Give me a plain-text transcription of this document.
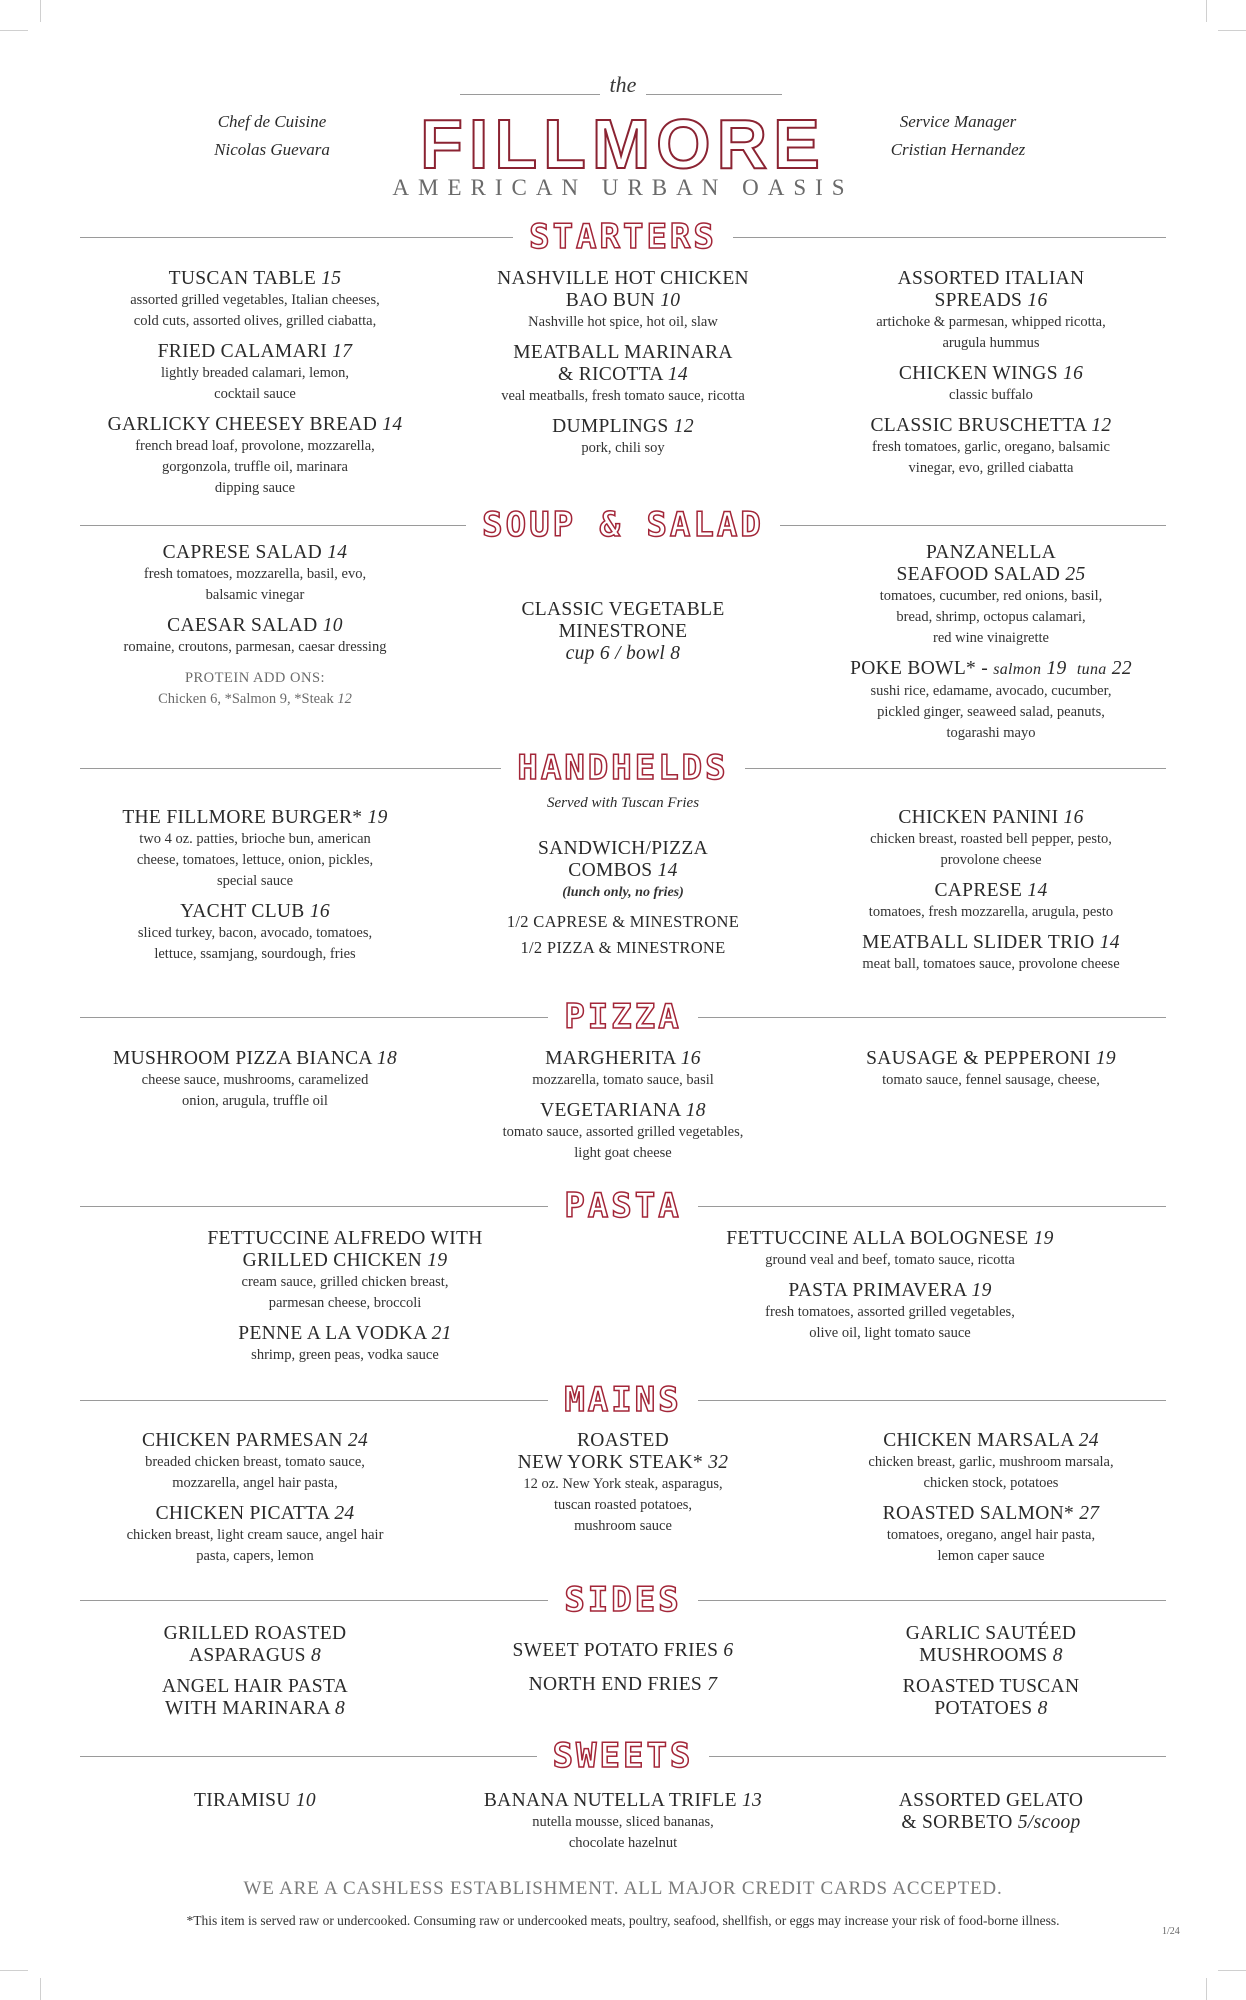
Chef de Cuisine
Nicolas Guevara
Service Manager
Cristian Hernandez
the
FILLMORE
AMERICAN URBAN OASIS
STARTERS
TUSCAN TABLE 15
assorted grilled vegetables, Italian cheeses,
cold cuts, assorted olives, grilled ciabatta,
FRIED CALAMARI 17
lightly breaded calamari, lemon,
cocktail sauce
GARLICKY CHEESEY BREAD 14
french bread loaf, provolone, mozzarella,
gorgonzola, truffle oil, marinara
dipping sauce
NASHVILLE HOT CHICKEN
BAO BUN 10
Nashville hot spice, hot oil, slaw
MEATBALL MARINARA
& RICOTTA 14
veal meatballs, fresh tomato sauce, ricotta
DUMPLINGS 12
pork, chili soy
ASSORTED ITALIAN
SPREADS 16
artichoke & parmesan, whipped ricotta,
arugula hummus
CHICKEN WINGS 16
classic buffalo
CLASSIC BRUSCHETTA 12
fresh tomatoes, garlic, oregano, balsamic
vinegar, evo, grilled ciabatta
SOUP & SALAD
CAPRESE SALAD 14
fresh tomatoes, mozzarella, basil, evo,
balsamic vinegar
CAESAR SALAD 10
romaine, croutons, parmesan, caesar dressing
PROTEIN ADD ONS:
Chicken 6, *Salmon 9, *Steak 12
CLASSIC VEGETABLE
MINESTRONE
cup 6 / bowl 8
PANZANELLA
SEAFOOD SALAD 25
tomatoes, cucumber, red onions, basil,
bread, shrimp, octopus calamari,
red wine vinaigrette
POKE BOWL* - salmon 19 tuna 22
sushi rice, edamame, avocado, cucumber,
pickled ginger, seaweed salad, peanuts,
togarashi mayo
HANDHELDS
Served with Tuscan Fries
THE FILLMORE BURGER* 19
two 4 oz. patties, brioche bun, american
cheese, tomatoes, lettuce, onion, pickles,
special sauce
YACHT CLUB 16
sliced turkey, bacon, avocado, tomatoes,
lettuce, ssamjang, sourdough, fries
SANDWICH/PIZZA
COMBOS 14
(lunch only, no fries)
1/2 CAPRESE & MINESTRONE
1/2 PIZZA & MINESTRONE
CHICKEN PANINI 16
chicken breast, roasted bell pepper, pesto,
provolone cheese
CAPRESE 14
tomatoes, fresh mozzarella, arugula, pesto
MEATBALL SLIDER TRIO 14
meat ball, tomatoes sauce, provolone cheese
PIZZA
MUSHROOM PIZZA BIANCA 18
cheese sauce, mushrooms, caramelized
onion, arugula, truffle oil
MARGHERITA 16
mozzarella, tomato sauce, basil
VEGETARIANA 18
tomato sauce, assorted grilled vegetables,
light goat cheese
SAUSAGE & PEPPERONI 19
tomato sauce, fennel sausage, cheese,
PASTA
FETTUCCINE ALFREDO WITH
GRILLED CHICKEN 19
cream sauce, grilled chicken breast,
parmesan cheese, broccoli
PENNE A LA VODKA 21
shrimp, green peas, vodka sauce
FETTUCCINE ALLA BOLOGNESE 19
ground veal and beef, tomato sauce, ricotta
PASTA PRIMAVERA 19
fresh tomatoes, assorted grilled vegetables,
olive oil, light tomato sauce
MAINS
CHICKEN PARMESAN 24
breaded chicken breast, tomato sauce,
mozzarella, angel hair pasta,
CHICKEN PICATTA 24
chicken breast, light cream sauce, angel hair
pasta, capers, lemon
ROASTED
NEW YORK STEAK* 32
12 oz. New York steak, asparagus,
tuscan roasted potatoes,
mushroom sauce
CHICKEN MARSALA 24
chicken breast, garlic, mushroom marsala,
chicken stock, potatoes
ROASTED SALMON* 27
tomatoes, oregano, angel hair pasta,
lemon caper sauce
SIDES
GRILLED ROASTED
ASPARAGUS 8
ANGEL HAIR PASTA
WITH MARINARA 8
SWEET POTATO FRIES 6
NORTH END FRIES 7
GARLIC SAUTÉED
MUSHROOMS 8
ROASTED TUSCAN
POTATOES 8
SWEETS
TIRAMISU 10	BANANA NUTELLA TRIFLE 13
nutella mousse, sliced bananas,
chocolate hazelnut
ASSORTED GELATO
& SORBETO 5/scoop
WE ARE A CASHLESS ESTABLISHMENT. ALL MAJOR CREDIT CARDS ACCEPTED.
*This item is served raw or undercooked. Consuming raw or undercooked meats, poultry, seafood, shellfish, or eggs may increase your risk of food-borne illness.
1/24
